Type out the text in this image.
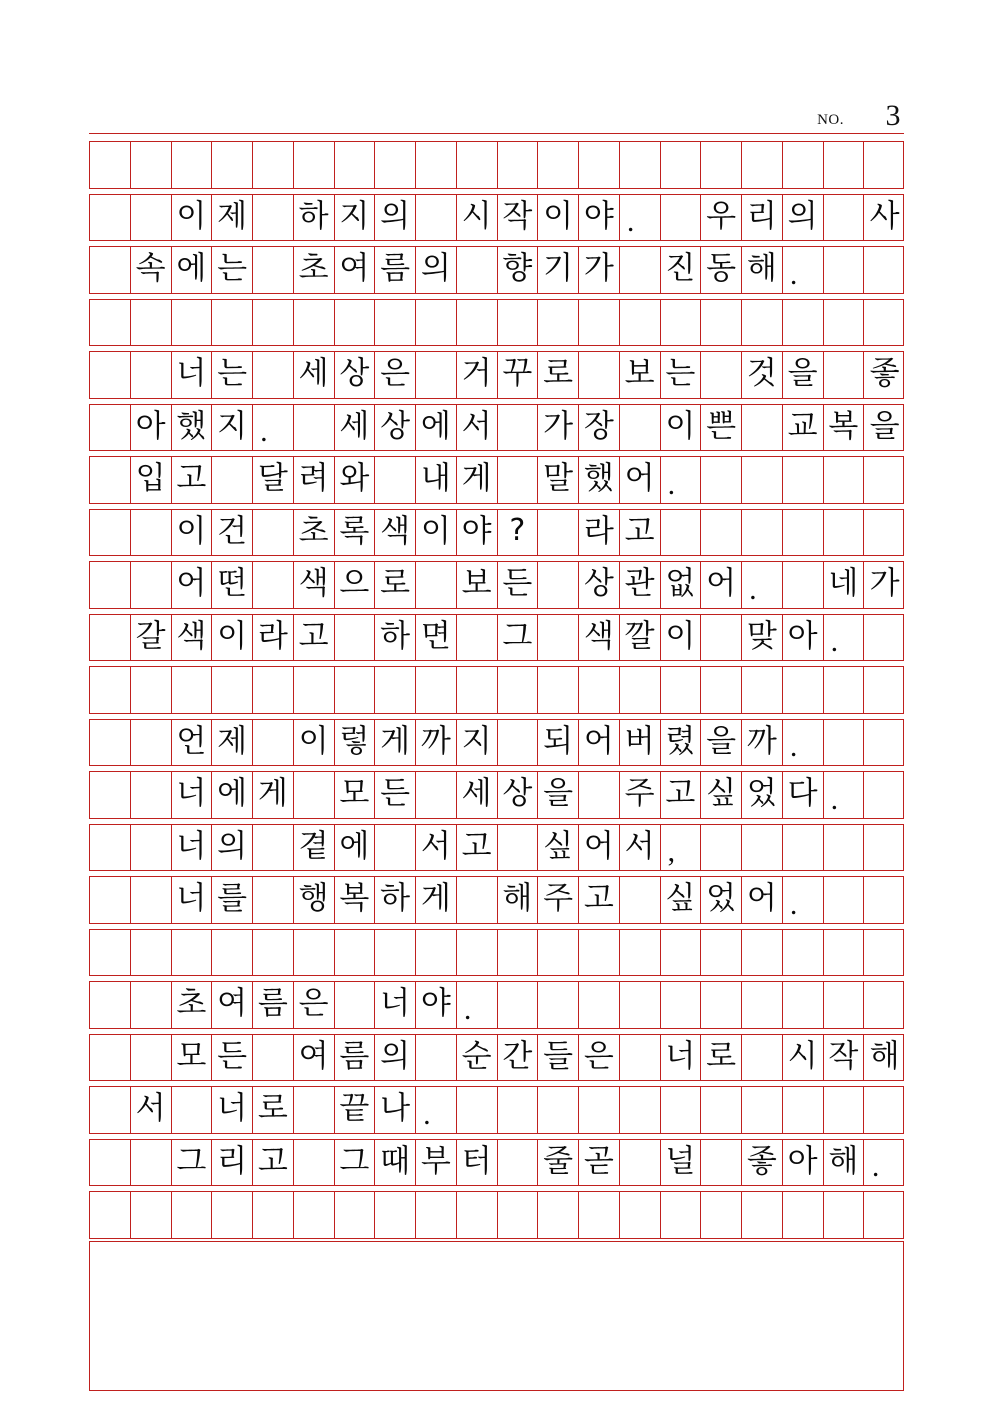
NO. 3
이 제 하 지 의 시 작 이 야 . 우 리 의 사
속 에 는 초 여 름 의 향 기 가 진 동 해 .
너 는 세 상 은 거 꾸 로 보 는 것 을 좋
아 했 지 . 세 상 에 서 가 장 이 쁜 교 복 을
입 고 달 려 와 내 게 말 했 어 .
이 건 초 록 색 이 야 ? 라 고
어 떤 색 으 로 보 든 상 관 없 어 . 네 가
갈 색 이 라 고 하 면 그 색 깔 이 맞 아 .
언 제 이 렇 게 까 지 되 어 버 렸 을 까 .
너 에 게 모 든 세 상 을 주 고 싶 었 다 .
너 의 곁 에 서 고 싶 어 서 ,
너 를 행 복 하 게 해 주 고 싶 었 어 .
초 여 름 은 너 야 .
모 든 여 름 의 순 간 들 은 너 로 시 작 해
서 너 로 끝 나 .
그 리 고 그 때 부 터 줄 곧 널 좋 아 해 .
